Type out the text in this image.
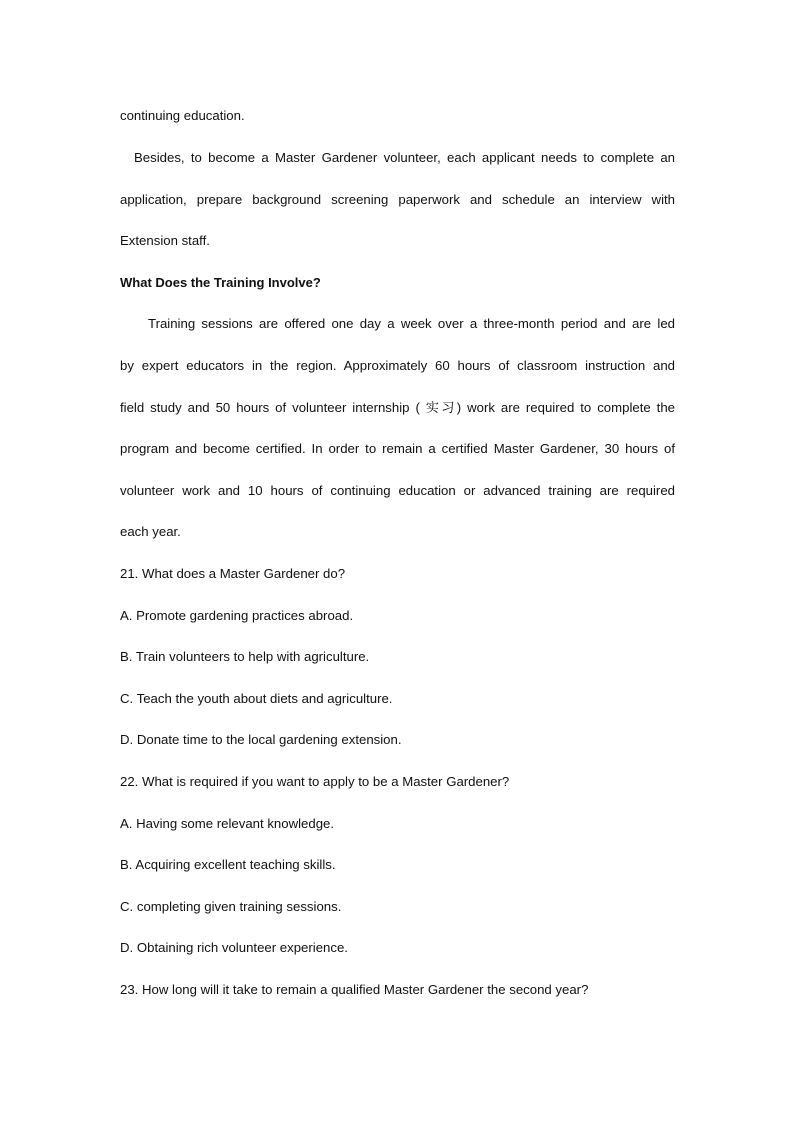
continuing education.
Besides, to become a Master Gardener volunteer, each applicant needs to complete an
application, prepare background screening paperwork and schedule an interview with
Extension staff.
What Does the Training Involve?
Training sessions are offered one day a week over a three-month period and are led
by expert educators in the region. Approximately 60 hours of classroom instruction and
field study and 50 hours of volunteer internship ( 实习) work are required to complete the
program and become certified. In order to remain a certified Master Gardener, 30 hours of
volunteer work and 10 hours of continuing education or advanced training are required
each year.
21. What does a Master Gardener do?
A. Promote gardening practices abroad.
B. Train volunteers to help with agriculture.
C. Teach the youth about diets and agriculture.
D. Donate time to the local gardening extension.
22. What is required if you want to apply to be a Master Gardener?
A. Having some relevant knowledge.
B. Acquiring excellent teaching skills.
C. completing given training sessions.
D. Obtaining rich volunteer experience.
23. How long will it take to remain a qualified Master Gardener the second year?
